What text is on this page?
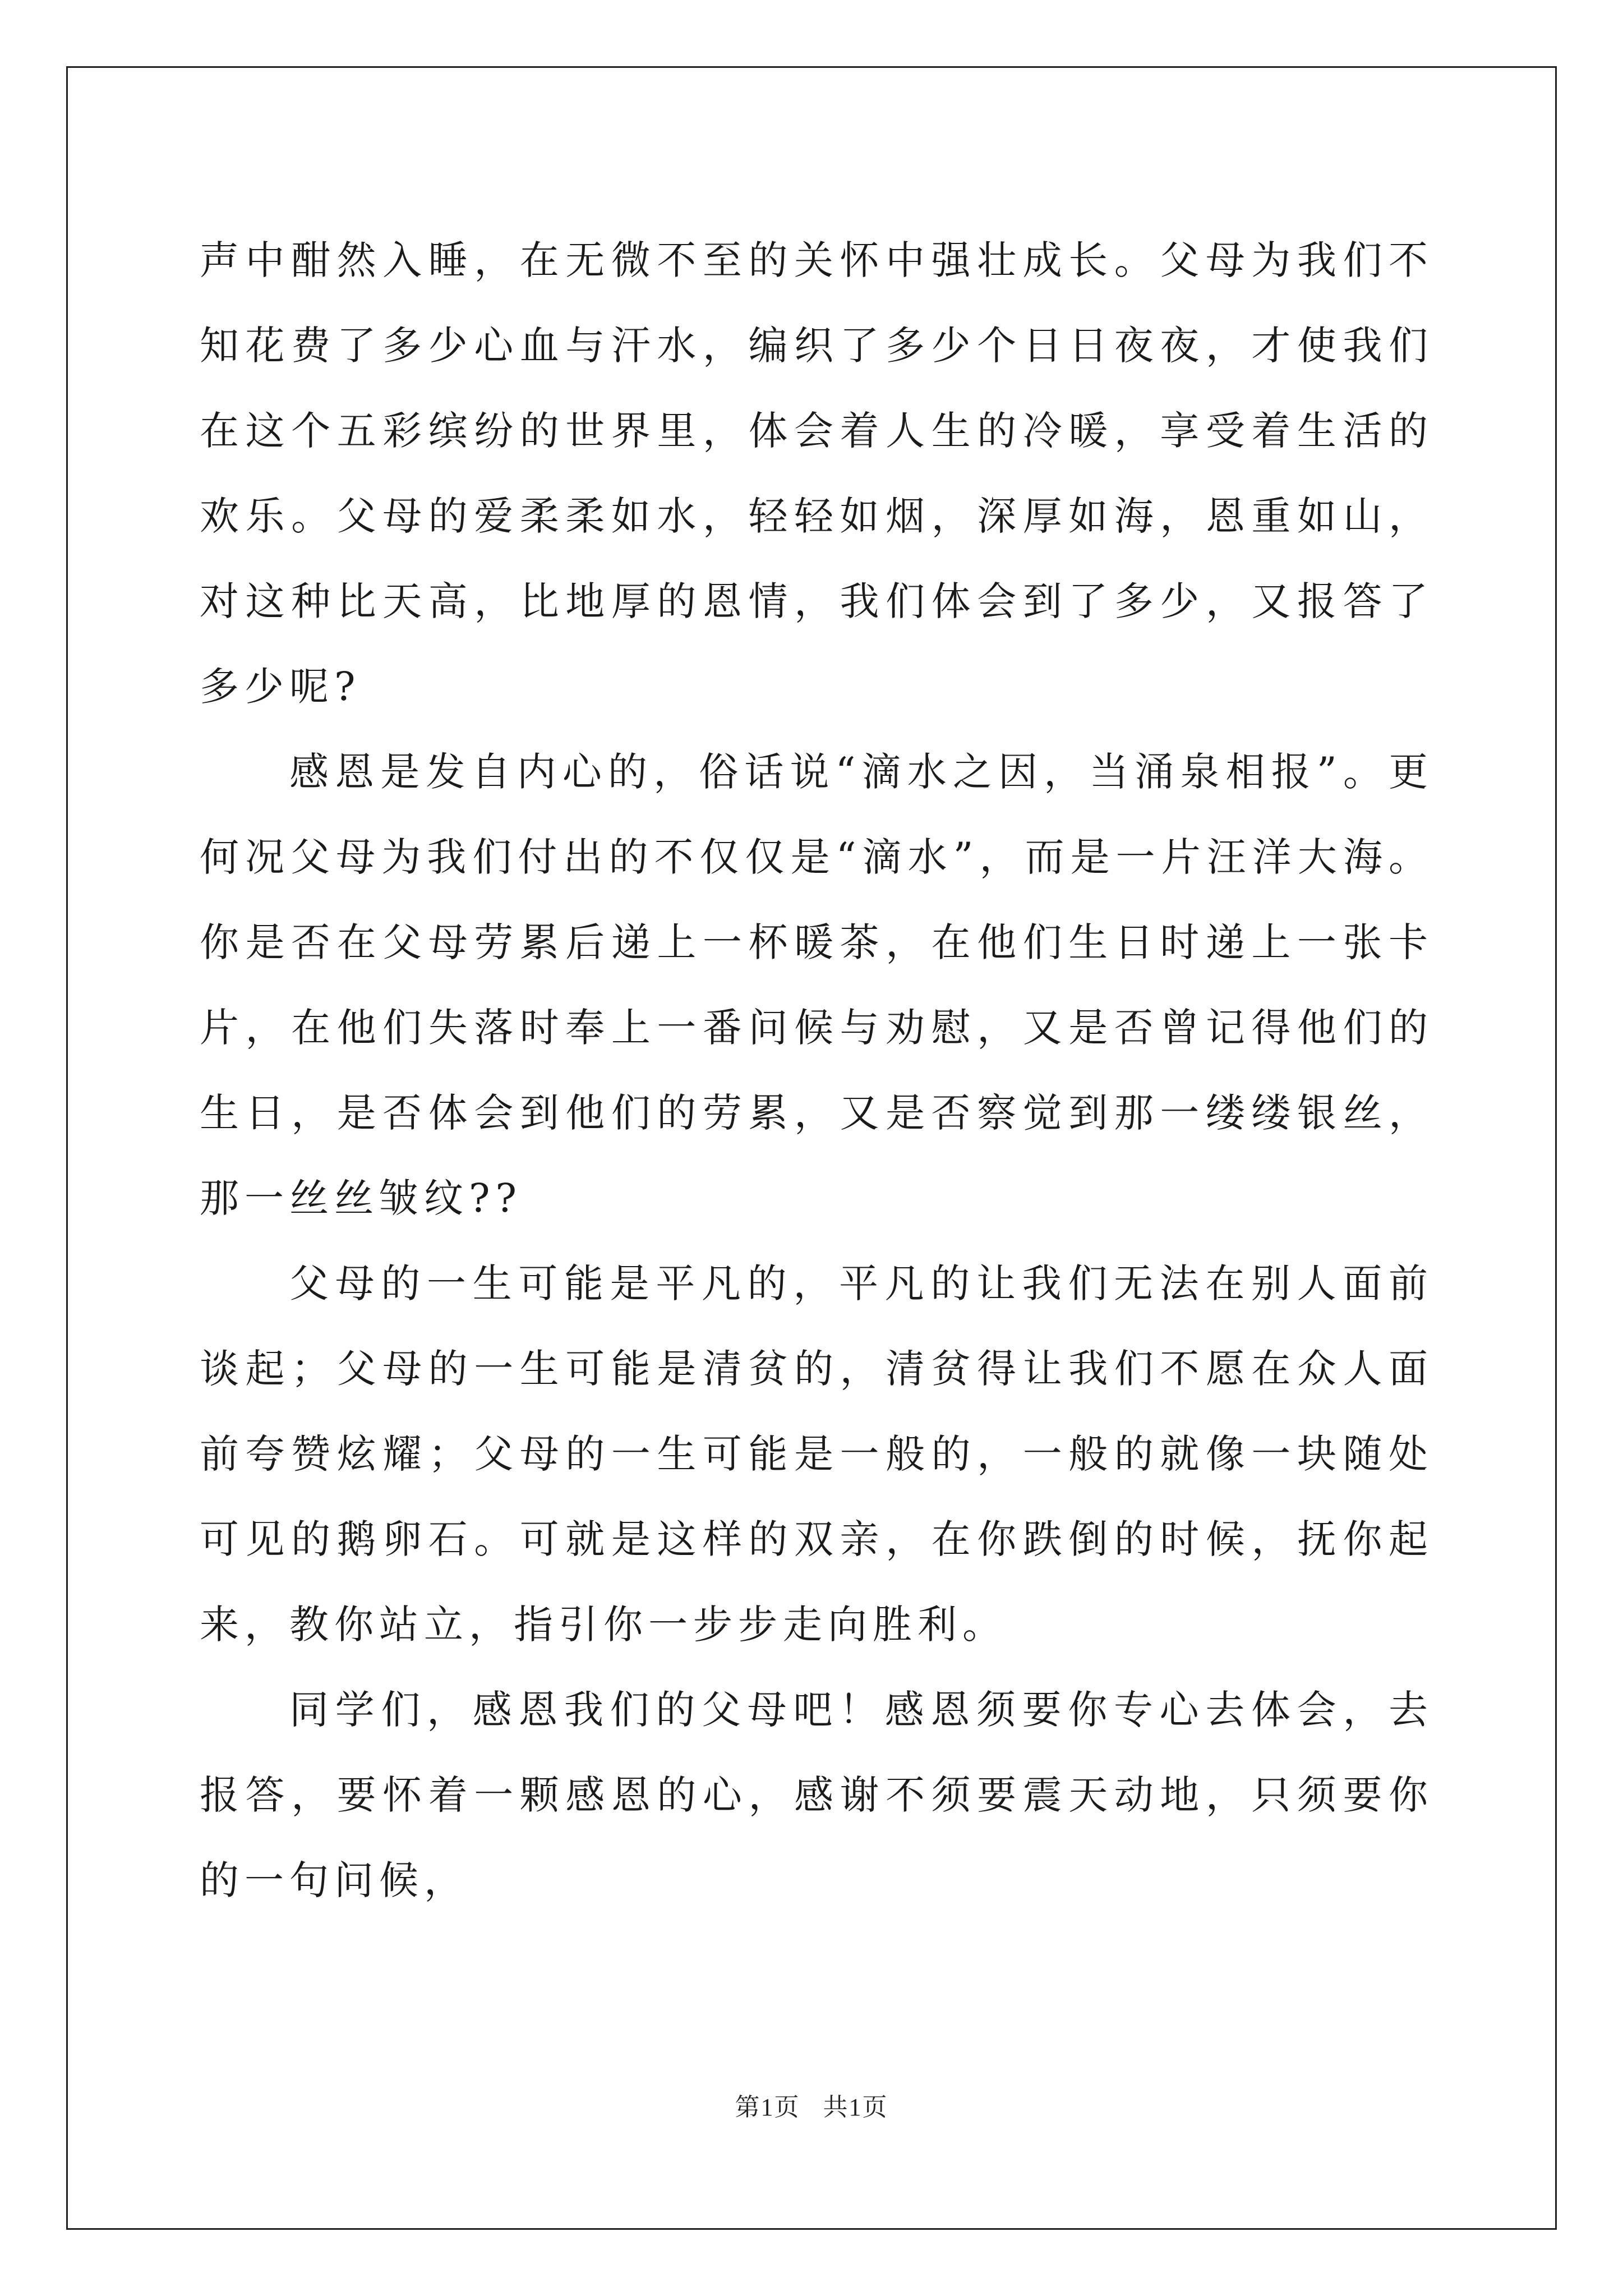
声中酣然入睡，在无微不至的关怀中强壮成长。父母为我们不知花费了多少心血与汗水，编织了多少个日日夜夜，才使我们在这个五彩缤纷的世界里，体会着人生的冷暖，享受着生活的欢乐。父母的爱柔柔如水，轻轻如烟，深厚如海，恩重如山，对这种比天高，比地厚的恩情，我们体会到了多少，又报答了多少呢?

感恩是发自内心的，俗话说“滴水之因，当涌泉相报”。更何况父母为我们付出的不仅仅是“滴水”，而是一片汪洋大海。你是否在父母劳累后递上一杯暖茶，在他们生日时递上一张卡片，在他们失落时奉上一番问候与劝慰，又是否曾记得他们的生日，是否体会到他们的劳累，又是否察觉到那一缕缕银丝，那一丝丝皱纹??

父母的一生可能是平凡的，平凡的让我们无法在别人面前谈起；父母的一生可能是清贫的，清贫得让我们不愿在众人面前夸赞炫耀；父母的一生可能是一般的，一般的就像一块随处可见的鹅卵石。可就是这样的双亲，在你跌倒的时候，抚你起来，教你站立，指引你一步步走向胜利。

同学们，感恩我们的父母吧！感恩须要你专心去体会，去报答，要怀着一颗感恩的心，感谢不须要震天动地，只须要你的一句问候，

第1页 共1页
